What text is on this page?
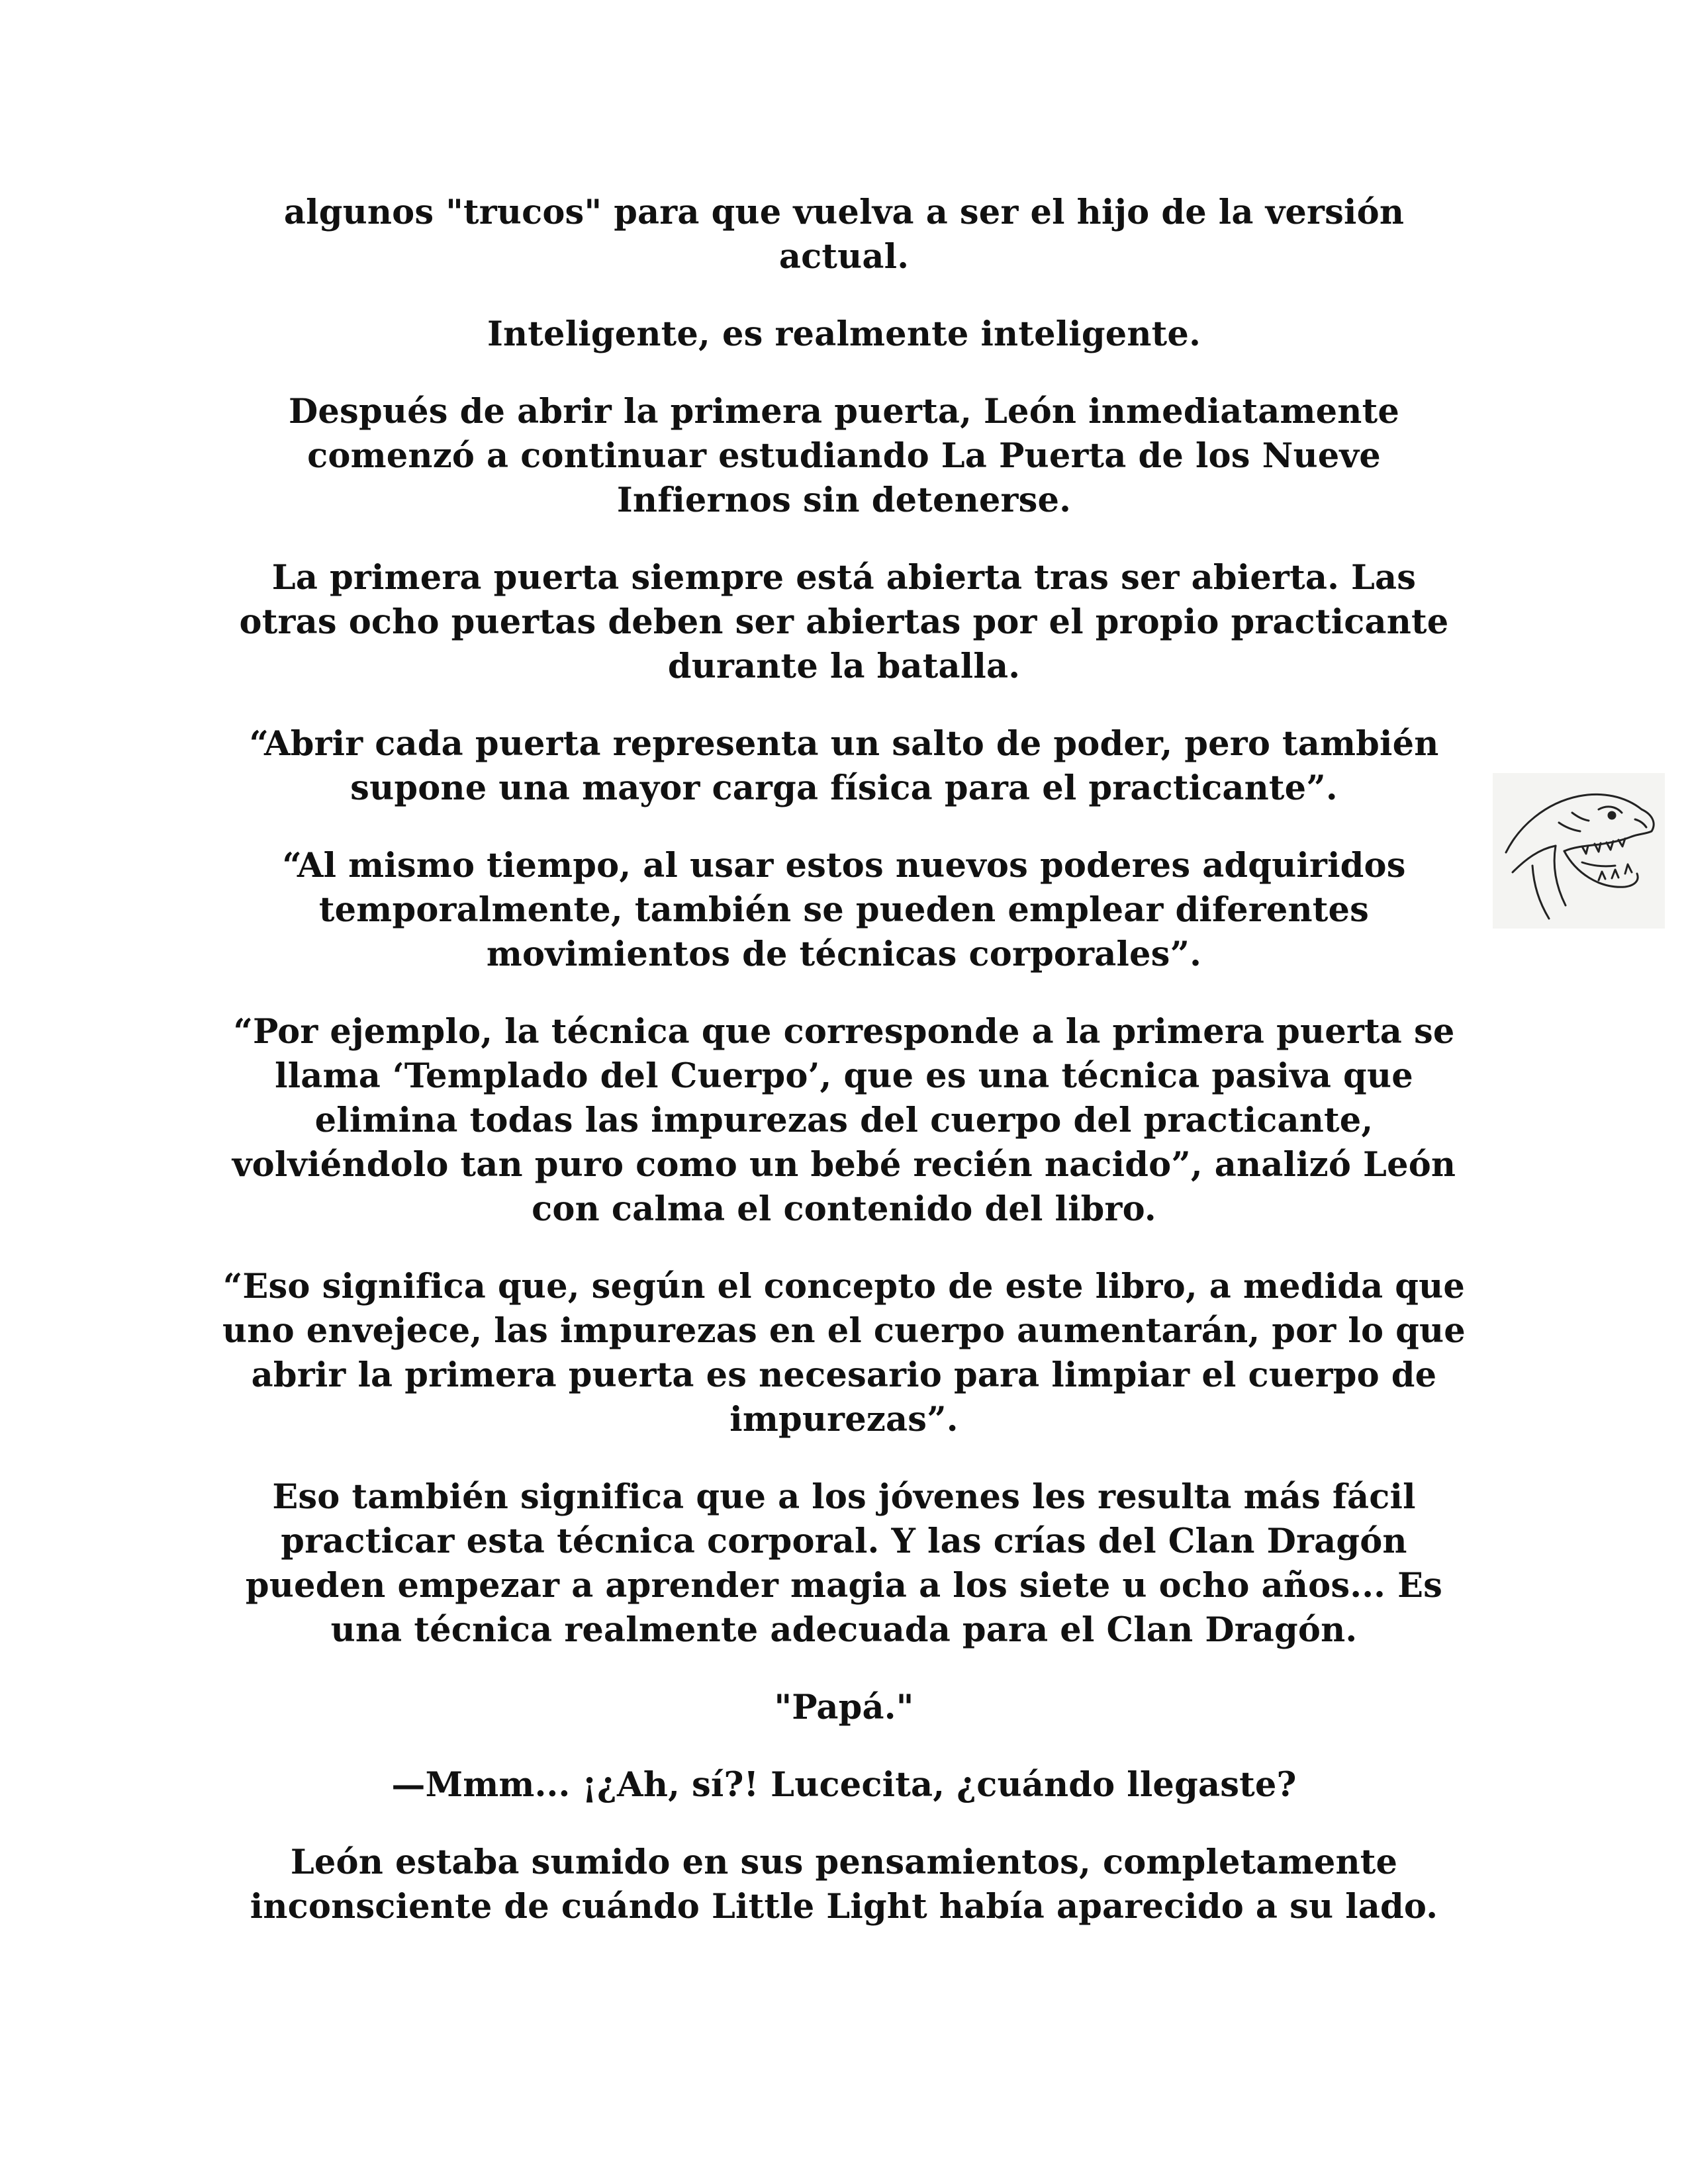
algunos "trucos" para que vuelva a ser el hijo de la versión actual.

Inteligente, es realmente inteligente.

Después de abrir la primera puerta, León inmediatamente comenzó a continuar estudiando La Puerta de los Nueve Infiernos sin detenerse.

La primera puerta siempre está abierta tras ser abierta. Las otras ocho puertas deben ser abiertas por el propio practicante durante la batalla.

“Abrir cada puerta representa un salto de poder, pero también supone una mayor carga física para el practicante”.

“Al mismo tiempo, al usar estos nuevos poderes adquiridos temporalmente, también se pueden emplear diferentes movimientos de técnicas corporales”.

“Por ejemplo, la técnica que corresponde a la primera puerta se llama ‘Templado del Cuerpo’, que es una técnica pasiva que elimina todas las impurezas del cuerpo del practicante, volviéndolo tan puro como un bebé recién nacido”, analizó León con calma el contenido del libro.

“Eso significa que, según el concepto de este libro, a medida que uno envejece, las impurezas en el cuerpo aumentarán, por lo que abrir la primera puerta es necesario para limpiar el cuerpo de impurezas”.

Eso también significa que a los jóvenes les resulta más fácil practicar esta técnica corporal. Y las crías del Clan Dragón pueden empezar a aprender magia a los siete u ocho años... Es una técnica realmente adecuada para el Clan Dragón.

"Papá."

—Mmm... ¡¿Ah, sí?! Lucecita, ¿cuándo llegaste?

León estaba sumido en sus pensamientos, completamente inconsciente de cuándo Little Light había aparecido a su lado.
